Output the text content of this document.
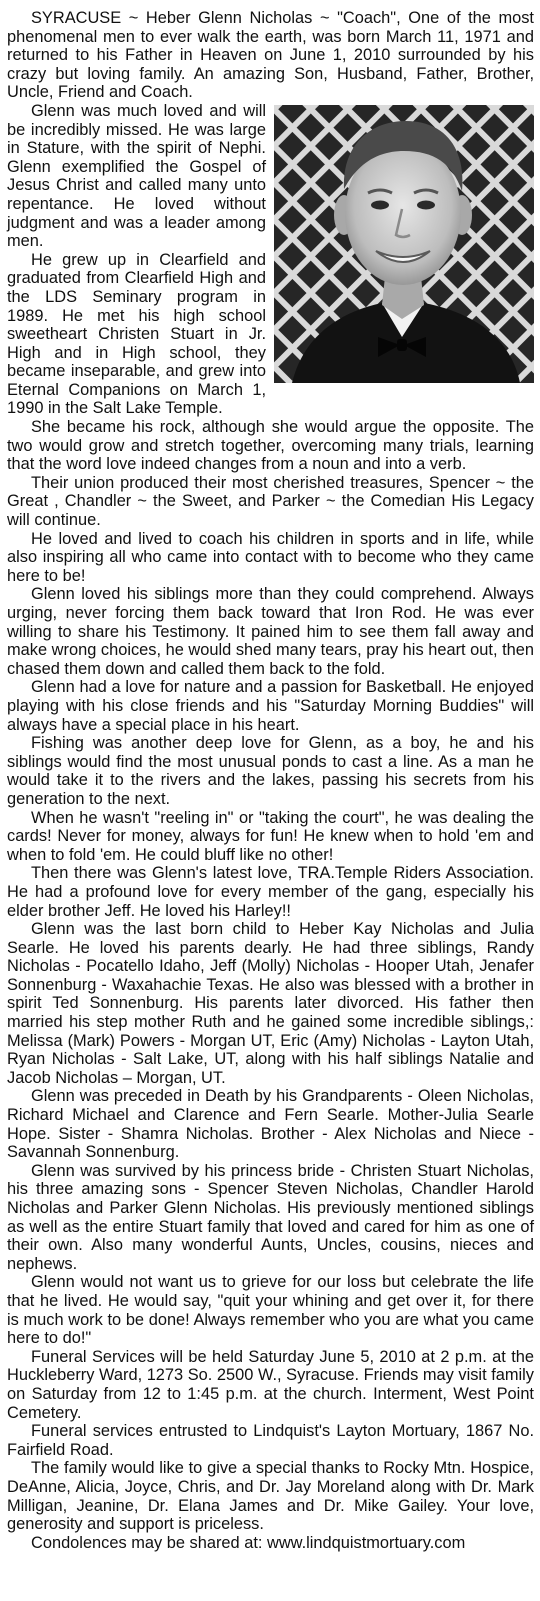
SYRACUSE ~ Heber Glenn Nicholas ~ "Coach", One of the most phenomenal men to ever walk the earth, was born March 11, 1971 and returned to his Father in Heaven on June 1, 2010 surrounded by his crazy but loving family. An amazing Son, Husband, Father, Brother, Uncle, Friend and Coach.

Glenn was much loved and will be incredibly missed. He was large in Stature, with the spirit of Nephi. Glenn exemplified the Gospel of Jesus Christ and called many unto repentance. He loved without judgment and was a leader among men.

He grew up in Clearfield and graduated from Clearfield High and the LDS Seminary program in 1989. He met his high school sweetheart Christen Stuart in Jr. High and in High school, they became inseparable, and grew into Eternal Companions on March 1, 1990 in the Salt Lake Temple.

She became his rock, although she would argue the opposite. The two would grow and stretch together, overcoming many trials, learning that the word love indeed changes from a noun and into a verb.

Their union produced their most cherished treasures, Spencer ~ the Great , Chandler ~ the Sweet, and Parker ~ the Comedian His Legacy will continue.

He loved and lived to coach his children in sports and in life, while also inspiring all who came into contact with to become who they came here to be!

Glenn loved his siblings more than they could comprehend. Always urging, never forcing them back toward that Iron Rod. He was ever willing to share his Testimony. It pained him to see them fall away and make wrong choices, he would shed many tears, pray his heart out, then chased them down and called them back to the fold.

Glenn had a love for nature and a passion for Basketball. He enjoyed playing with his close friends and his "Saturday Morning Buddies" will always have a special place in his heart.

Fishing was another deep love for Glenn, as a boy, he and his siblings would find the most unusual ponds to cast a line. As a man he would take it to the rivers and the lakes, passing his secrets from his generation to the next.

When he wasn't "reeling in" or "taking the court", he was dealing the cards! Never for money, always for fun! He knew when to hold 'em and when to fold 'em. He could bluff like no other!

Then there was Glenn's latest love, TRA.Temple Riders Association. He had a profound love for every member of the gang, especially his elder brother Jeff. He loved his Harley!!

Glenn was the last born child to Heber Kay Nicholas and Julia Searle. He loved his parents dearly. He had three siblings, Randy Nicholas - Pocatello Idaho, Jeff (Molly) Nicholas - Hooper Utah, Jenafer Sonnenburg - Waxahachie Texas. He also was blessed with a brother in spirit Ted Sonnenburg. His parents later divorced. His father then married his step mother Ruth and he gained some incredible siblings,: Melissa (Mark) Powers - Morgan UT, Eric (Amy) Nicholas - Layton Utah, Ryan Nicholas - Salt Lake, UT, along with his half siblings Natalie and Jacob Nicholas – Morgan, UT.

Glenn was preceded in Death by his Grandparents - Oleen Nicholas, Richard Michael and Clarence and Fern Searle. Mother-Julia Searle Hope. Sister - Shamra Nicholas. Brother - Alex Nicholas and Niece - Savannah Sonnenburg.

Glenn was survived by his princess bride - Christen Stuart Nicholas, his three amazing sons - Spencer Steven Nicholas, Chandler Harold Nicholas and Parker Glenn Nicholas. His previously mentioned siblings as well as the entire Stuart family that loved and cared for him as one of their own. Also many wonderful Aunts, Uncles, cousins, nieces and nephews.

Glenn would not want us to grieve for our loss but celebrate the life that he lived. He would say, "quit your whining and get over it, for there is much work to be done! Always remember who you are what you came here to do!"

Funeral Services will be held Saturday June 5, 2010 at 2 p.m. at the Huckleberry Ward, 1273 So. 2500 W., Syracuse. Friends may visit family on Saturday from 12 to 1:45 p.m. at the church. Interment, West Point Cemetery.

Funeral services entrusted to Lindquist's Layton Mortuary, 1867 No. Fairfield Road.

The family would like to give a special thanks to Rocky Mtn. Hospice, DeAnne, Alicia, Joyce, Chris, and Dr. Jay Moreland along with Dr. Mark Milligan, Jeanine, Dr. Elana James and Dr. Mike Gailey. Your love, generosity and support is priceless.

Condolences may be shared at: www.lindquistmortuary.com
